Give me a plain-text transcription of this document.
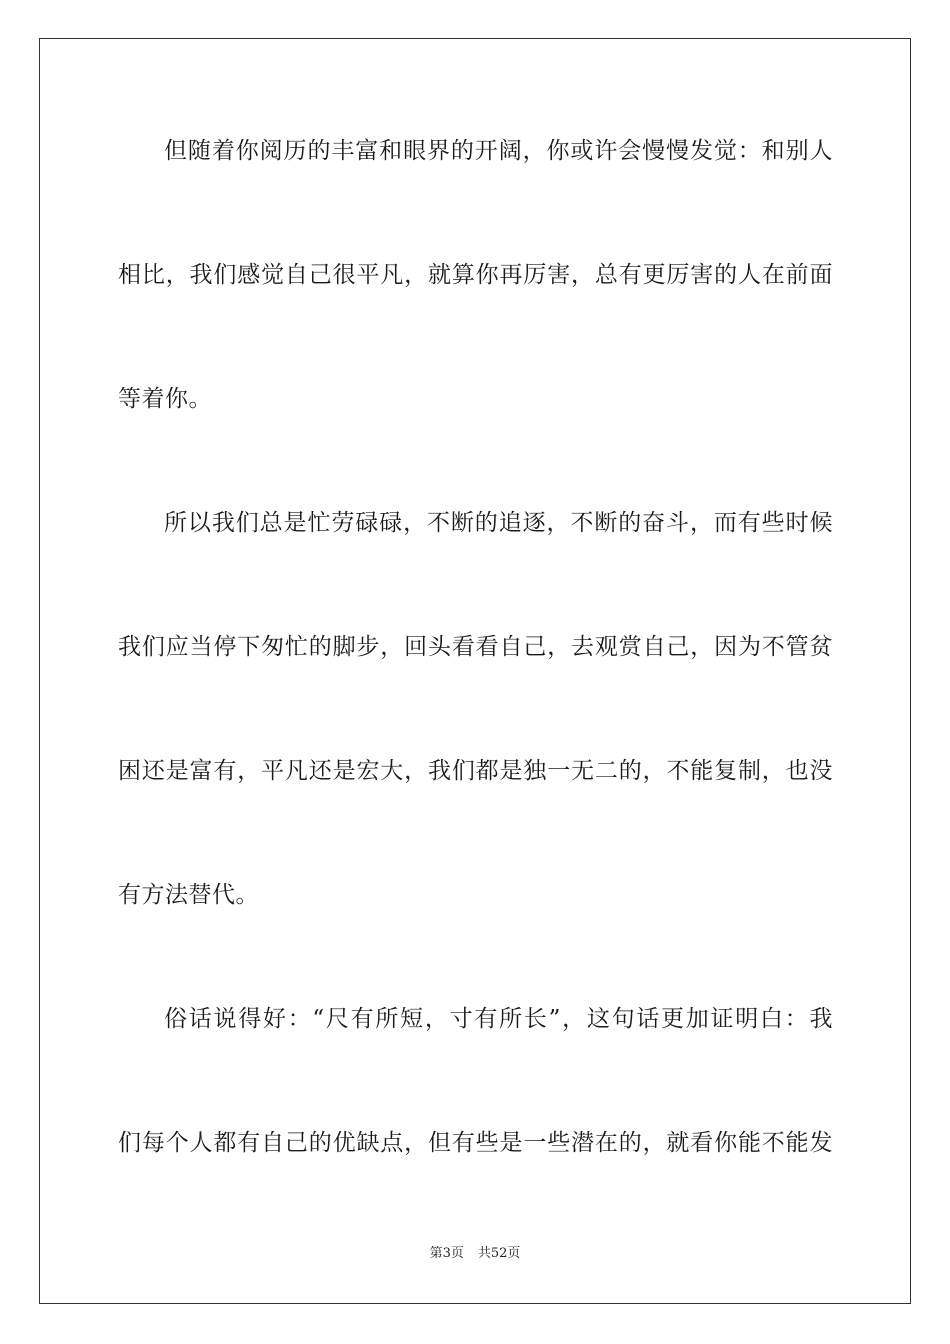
但随着你阅历的丰富和眼界的开阔，你或许会慢慢发觉：和别人
相比，我们感觉自己很平凡，就算你再厉害，总有更厉害的人在前面
等着你。
所以我们总是忙劳碌碌，不断的追逐，不断的奋斗，而有些时候
我们应当停下匆忙的脚步，回头看看自己，去观赏自己，因为不管贫
困还是富有，平凡还是宏大，我们都是独一无二的，不能复制，也没
有方法替代。
俗话说得好：“尺有所短，寸有所长”，这句话更加证明白：我
们每个人都有自己的优缺点，但有些是一些潜在的，就看你能不能发
第3页 共52页
